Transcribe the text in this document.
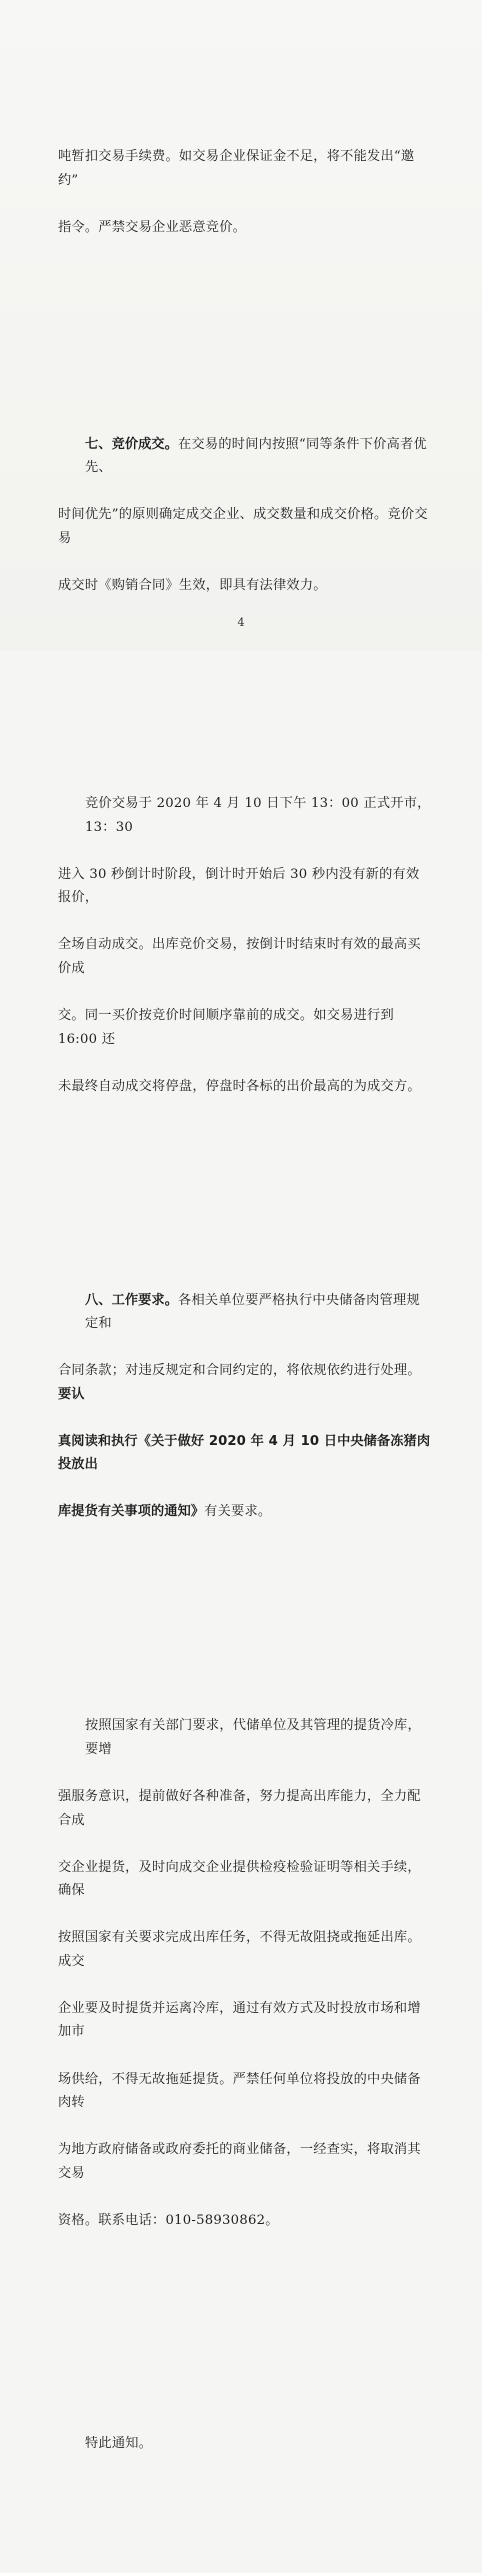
吨暂扣交易手续费。如交易企业保证金不足，将不能发出“邀约”

指令。严禁交易企业恶意竞价。

七、竞价成交。在交易的时间内按照“同等条件下价高者优先、

时间优先”的原则确定成交企业、成交数量和成交价格。竞价交易

成交时《购销合同》生效，即具有法律效力。

竞价交易于 2020 年 4 月 10 日下午 13：00 正式开市，13：30

进入 30 秒倒计时阶段，倒计时开始后 30 秒内没有新的有效报价，

全场自动成交。出库竞价交易，按倒计时结束时有效的最高买价成

交。同一买价按竞价时间顺序靠前的成交。如交易进行到 16:00 还

未最终自动成交将停盘，停盘时各标的出价最高的为成交方。

八、工作要求。各相关单位要严格执行中央储备肉管理规定和

合同条款；对违反规定和合同约定的，将依规依约进行处理。要认

真阅读和执行《关于做好 2020 年 4 月 10 日中央储备冻猪肉投放出

库提货有关事项的通知》有关要求。

按照国家有关部门要求，代储单位及其管理的提货冷库，要增

强服务意识，提前做好各种准备，努力提高出库能力，全力配合成

交企业提货，及时向成交企业提供检疫检验证明等相关手续，确保

按照国家有关要求完成出库任务，不得无故阻挠或拖延出库。成交

企业要及时提货并运离冷库，通过有效方式及时投放市场和增加市

场供给，不得无故拖延提货。严禁任何单位将投放的中央储备肉转

为地方政府储备或政府委托的商业储备，一经查实，将取消其交易

资格。联系电话：010-58930862。

特此通知。

4
